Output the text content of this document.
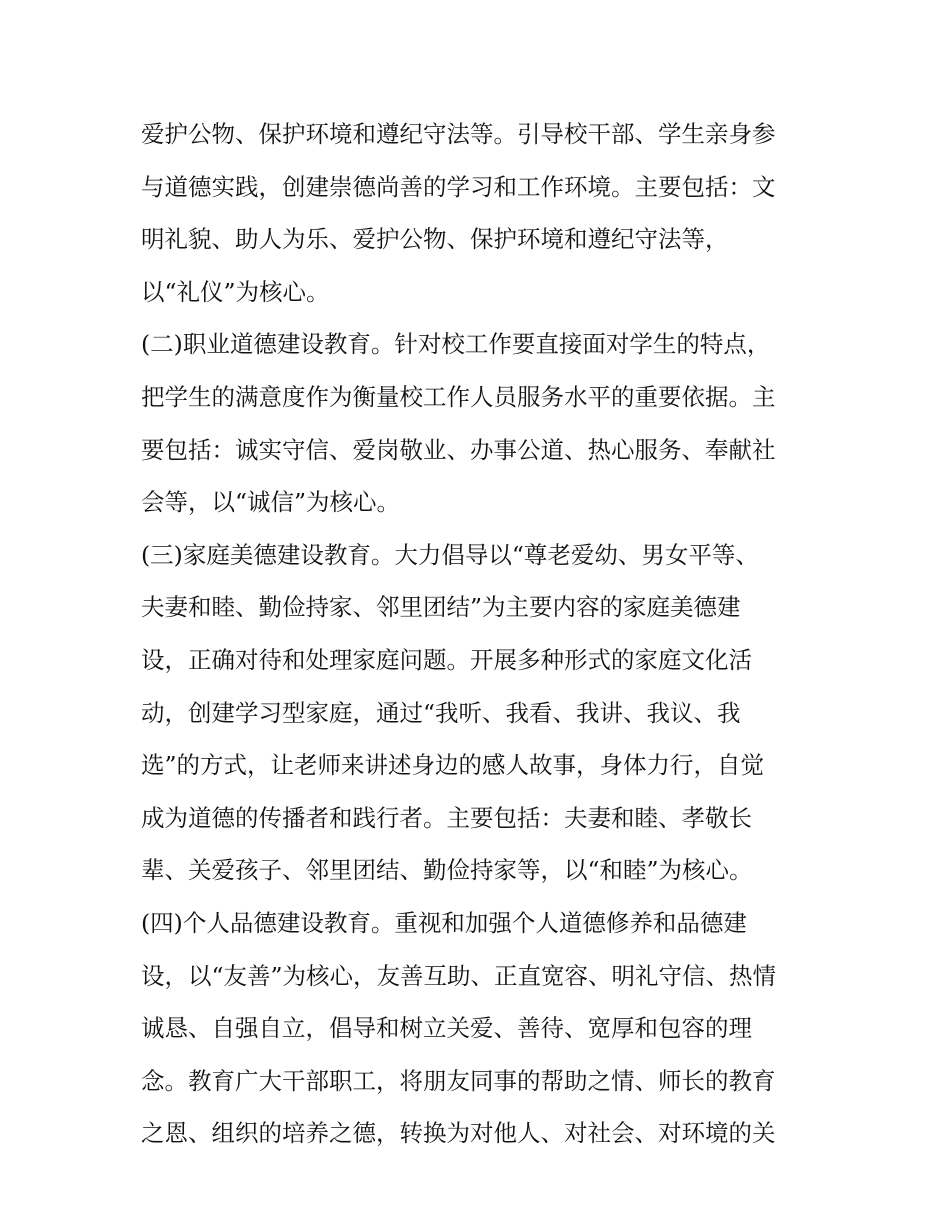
爱护公物、保护环境和遵纪守法等。引导校干部、学生亲身参
与道德实践，创建崇德尚善的学习和工作环境。主要包括：文
明礼貌、助人为乐、爱护公物、保护环境和遵纪守法等，
以“礼仪”为核心。
(二)职业道德建设教育。针对校工作要直接面对学生的特点，
把学生的满意度作为衡量校工作人员服务水平的重要依据。主
要包括：诚实守信、爱岗敬业、办事公道、热心服务、奉献社
会等，以“诚信”为核心。
(三)家庭美德建设教育。大力倡导以“尊老爱幼、男女平等、
夫妻和睦、勤俭持家、邻里团结”为主要内容的家庭美德建
设，正确对待和处理家庭问题。开展多种形式的家庭文化活
动，创建学习型家庭，通过“我听、我看、我讲、我议、我
选”的方式，让老师来讲述身边的感人故事，身体力行，自觉
成为道德的传播者和践行者。主要包括：夫妻和睦、孝敬长
辈、关爱孩子、邻里团结、勤俭持家等，以“和睦”为核心。
(四)个人品德建设教育。重视和加强个人道德修养和品德建
设，以“友善”为核心，友善互助、正直宽容、明礼守信、热情
诚恳、自强自立，倡导和树立关爱、善待、宽厚和包容的理
念。教育广大干部职工，将朋友同事的帮助之情、师长的教育
之恩、组织的培养之德，转换为对他人、对社会、对环境的关
